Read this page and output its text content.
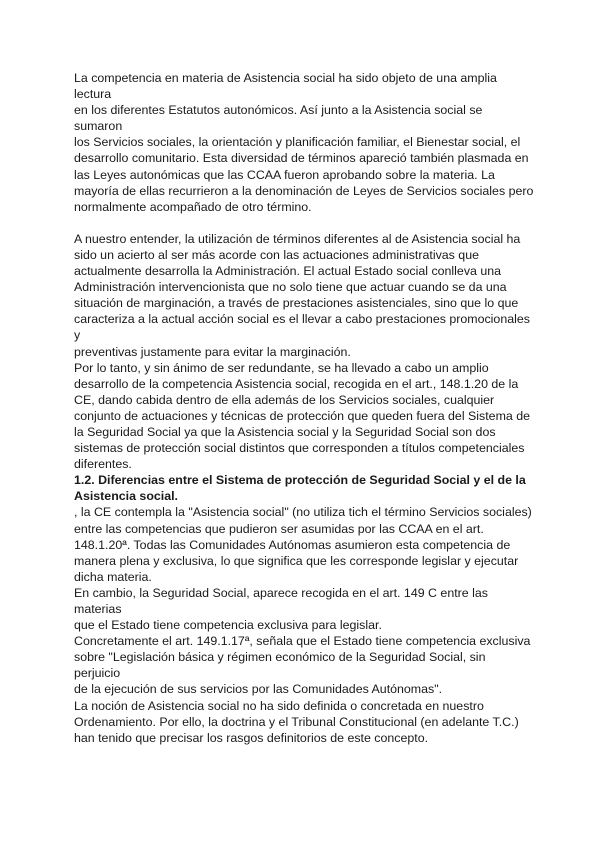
La competencia en materia de Asistencia social ha sido objeto de una amplia lectura
en los diferentes Estatutos autonómicos. Así junto a la Asistencia social se sumaron
los Servicios sociales, la orientación y planificación familiar, el Bienestar social, el
desarrollo comunitario. Esta diversidad de términos apareció también plasmada en
las Leyes autonómicas que las CCAA fueron aprobando sobre la materia. La
mayoría de ellas recurrieron a la denominación de Leyes de Servicios sociales pero
normalmente acompañado de otro término.

A nuestro entender, la utilización de términos diferentes al de Asistencia social ha
sido un acierto al ser más acorde con las actuaciones administrativas que
actualmente desarrolla la Administración. El actual Estado social conlleva una
Administración intervencionista que no solo tiene que actuar cuando se da una
situación de marginación, a través de prestaciones asistenciales, sino que lo que
caracteriza a la actual acción social es el llevar a cabo prestaciones promocionales y
preventivas justamente para evitar la marginación.

Por lo tanto, y sin ánimo de ser redundante, se ha llevado a cabo un amplio
desarrollo de la competencia Asistencia social, recogida en el art., 148.1.20 de la
CE, dando cabida dentro de ella además de los Servicios sociales, cualquier
conjunto de actuaciones y técnicas de protección que queden fuera del Sistema de
la Seguridad Social ya que la Asistencia social y la Seguridad Social son dos
sistemas de protección social distintos que corresponden a títulos competenciales
diferentes.

1.2. Diferencias entre el Sistema de protección de Seguridad Social y el de la
Asistencia social.

, la CE contempla la "Asistencia social" (no utiliza tich el término Servicios sociales)
entre las competencias que pudieron ser asumidas por las CCAA en el art.
148.1.20ª. Todas las Comunidades Autónomas asumieron esta competencia de
manera plena y exclusiva, lo que significa que les corresponde legislar y ejecutar
dicha materia.

En cambio, la Seguridad Social, aparece recogida en el art. 149 C entre las materias
que el Estado tiene competencia exclusiva para legislar.

Concretamente el art. 149.1.17ª, señala que el Estado tiene competencia exclusiva
sobre "Legislación básica y régimen económico de la Seguridad Social, sin perjuicio
de la ejecución de sus servicios por las Comunidades Autónomas".

La noción de Asistencia social no ha sido definida o concretada en nuestro
Ordenamiento. Por ello, la doctrina y el Tribunal Constitucional (en adelante T.C.)
han tenido que precisar los rasgos definitorios de este concepto.
